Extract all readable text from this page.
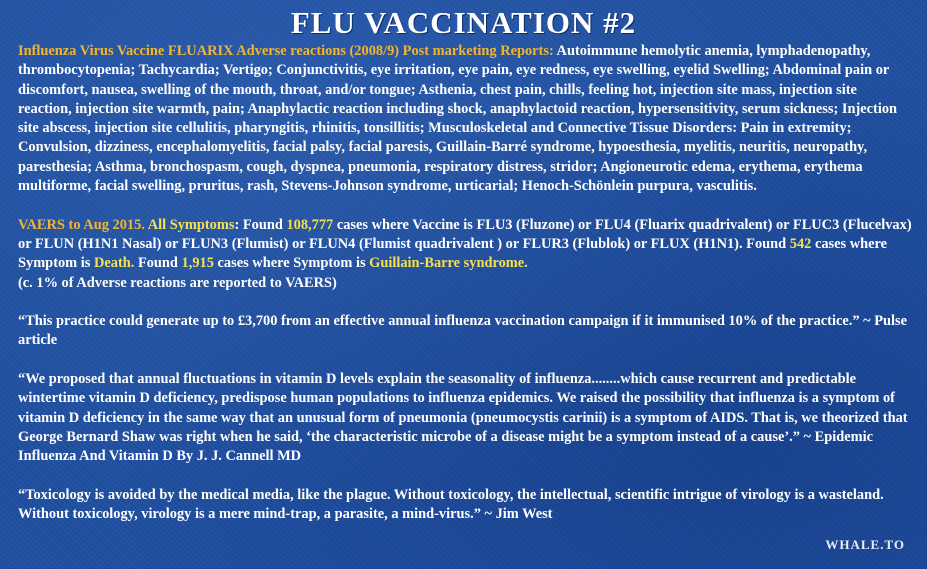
FLU VACCINATION #2

Influenza Virus Vaccine FLUARIX Adverse reactions (2008/9) Post marketing Reports: Autoimmune hemolytic anemia, lymphadenopathy, thrombocytopenia; Tachycardia; Vertigo; Conjunctivitis, eye irritation, eye pain, eye redness, eye swelling, eyelid Swelling; Abdominal pain or discomfort, nausea, swelling of the mouth, throat, and/or tongue; Asthenia, chest pain, chills, feeling hot, injection site mass, injection site reaction, injection site warmth, pain; Anaphylactic reaction including shock, anaphylactoid reaction, hypersensitivity, serum sickness; Injection site abscess, injection site cellulitis, pharyngitis, rhinitis, tonsillitis; Musculoskeletal and Connective Tissue Disorders: Pain in extremity; Convulsion, dizziness, encephalomyelitis, facial palsy, facial paresis, Guillain-Barré syndrome, hypoesthesia, myelitis, neuritis, neuropathy, paresthesia; Asthma, bronchospasm, cough, dyspnea, pneumonia, respiratory distress, stridor; Angioneurotic edema, erythema, erythema multiforme, facial swelling, pruritus, rash, Stevens-Johnson syndrome, urticarial; Henoch-Schönlein purpura, vasculitis.

VAERS to Aug 2015. All Symptoms: Found 108,777 cases where Vaccine is FLU3 (Fluzone) or FLU4 (Fluarix quadrivalent) or FLUC3 (Flucelvax) or FLUN (H1N1 Nasal) or FLUN3 (Flumist) or FLUN4 (Flumist quadrivalent ) or FLUR3 (Flublok) or FLUX (H1N1). Found 542 cases where Symptom is Death. Found 1,915 cases where Symptom is Guillain-Barre syndrome.
(c. 1% of Adverse reactions are reported to VAERS)

“This practice could generate up to £3,700 from an effective annual influenza vaccination campaign if it immunised 10% of the practice.” ~ Pulse article

“We proposed that annual fluctuations in vitamin D levels explain the seasonality of influenza........which cause recurrent and predictable wintertime vitamin D deficiency, predispose human populations to influenza epidemics. We raised the possibility that influenza is a symptom of vitamin D deficiency in the same way that an unusual form of pneumonia (pneumocystis carinii) is a symptom of AIDS. That is, we theorized that George Bernard Shaw was right when he said, ‘the characteristic microbe of a disease might be a symptom instead of a cause’.” ~ Epidemic Influenza And Vitamin D By J. J. Cannell MD

“Toxicology is avoided by the medical media, like the plague. Without toxicology, the intellectual, scientific intrigue of virology is a wasteland. Without toxicology, virology is a mere mind-trap, a parasite, a mind-virus.” ~ Jim West

WHALE.TO
